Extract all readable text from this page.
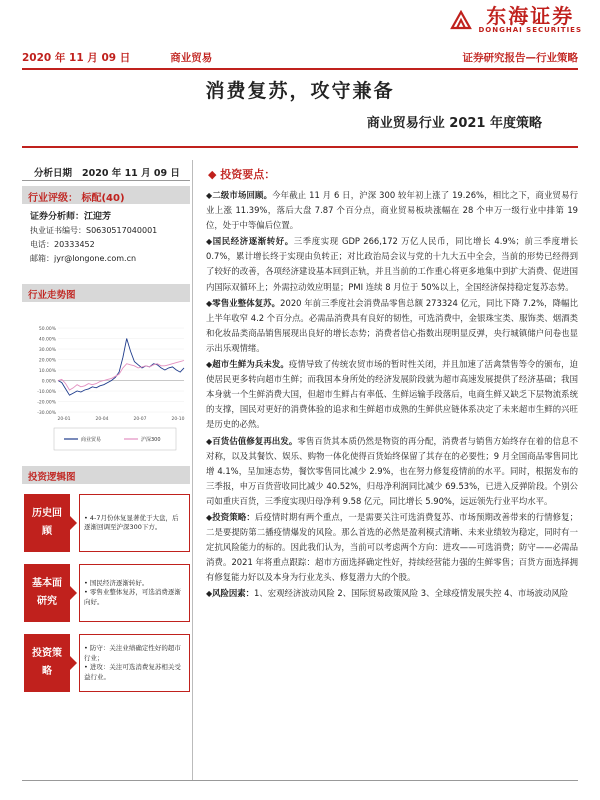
东海证券
DONGHAI SECURITIES
2020 年 11 月 09 日	商业贸易	证券研究报告—行业策略
消费复苏，攻守兼备
商业贸易行业 2021 年度策略
分析日期 2020 年 11 月 09 日
行业评级： 标配(40)
证券分析师：江迎芳
执业证书编号：S0630517040001
电话：20333452
邮箱：jyr@longone.com.cn
行业走势图
50.00%
40.00%
30.00%
20.00%
10.00%
0.00%
-10.00%
-20.00%
-30.00%
20-01	20-04	20-07	20-10
商业贸易	沪深300
投资逻辑图
历史回顾
• 4-7月份休复显著优于大盘，后逐渐回调至沪深300下方。
基本面研究
• 国民经济逐渐转好。
• 零售业整体复苏，可选消费逐渐向好。
投资策略
• 防守：关注业绩确定性好的超市行业；
• 进攻：关注可选消费复苏相关受益行业。
◆ 投资要点：

◆二级市场回顾。今年截止 11 月 6 日，沪深 300 较年初上涨了 19.26%，相比之下，商业贸易行业上涨 11.39%，落后大盘 7.87 个百分点，商业贸易板块涨幅在 28 个申万一级行业中排第 19 位，处于中等偏后位置。

◆国民经济逐渐转好。三季度实现 GDP 266,172 万亿人民币，同比增长 4.9%；前三季度增长 0.7%，累计增长终于实现由负转正；对比政治局会议与党的十九大五中全会，当前的形势已经得到了较好的改善，各项经济建设基本回到正轨，并且当前的工作重心将更多地集中到扩大消费、促进国内国际双循环上；外需拉动效应明显；PMI 连续 8 月位于 50%以上，全国经济保持稳定复苏态势。

◆零售业整体复苏。2020 年前三季度社会消费品零售总额 273324 亿元，同比下降 7.2%，降幅比上半年收窄 4.2 个百分点。必需品消费具有良好的韧性，可选消费中，金银珠宝类、服饰类、烟酒类和化妆品类商品销售展现出良好的增长态势；消费者信心指数出现明显反弹，央行城镇储户问卷也显示出乐观情绪。

◆超市生鲜为兵未发。疫情导致了传统农贸市场的暂时性关闭，并且加速了活禽禁售等令的颁布，迫使居民更多转向超市生鲜；而我国本身所处的经济发展阶段就为超市高速发展提供了经济基础；我国本身就一个生鲜消费大国，但超市生鲜占有率低、生鲜运输手段落后，电商生鲜又缺乏下层物流系统的支撑，国民对更好的消费体验的追求和生鲜超市成熟的生鲜供应链体系决定了未来超市生鲜的兴旺是历史的必然。

◆百货估值修复再出发。零售百货其本质仍然是物资的再分配，消费者与销售方始终存在着的信息不对称，以及其餐饮、娱乐、购物一体化使得百货始终保留了其存在的必要性；9 月全国商品零售同比增 4.1%，呈加速态势，餐饮零售同比减少 2.9%，也在努力修复疫情前的水平。同时，根据发布的三季报，申万百货营收同比减少 40.52%，归母净利润同比减少 69.53%，已进入反弹阶段。个别公司如重庆百货，三季度实现归母净利 9.58 亿元，同比增长 5.90%，远远领先行业平均水平。

◆投资策略：后疫情时期有两个重点，一是需要关注可选消费复苏、市场预期改善带来的行情修复；二是要提防第二播疫情爆发的风险。那么首选的必然是盈利模式清晰、未来业绩较为稳定，同时有一定抗风险能力的标的。因此我们认为，当前可以考虑两个方向：进攻——可选消费；防守——必需品消费。2021 年将重点跟踪：超市方面选择确定性好，持续经营能力强的生鲜零售；百货方面选择拥有修复能力好以及本身为行业龙头、修复潜力大的个股。

◆风险因素：1、宏观经济波动风险 2、国际贸易政策风险 3、全球疫情发展失控 4、市场波动风险
